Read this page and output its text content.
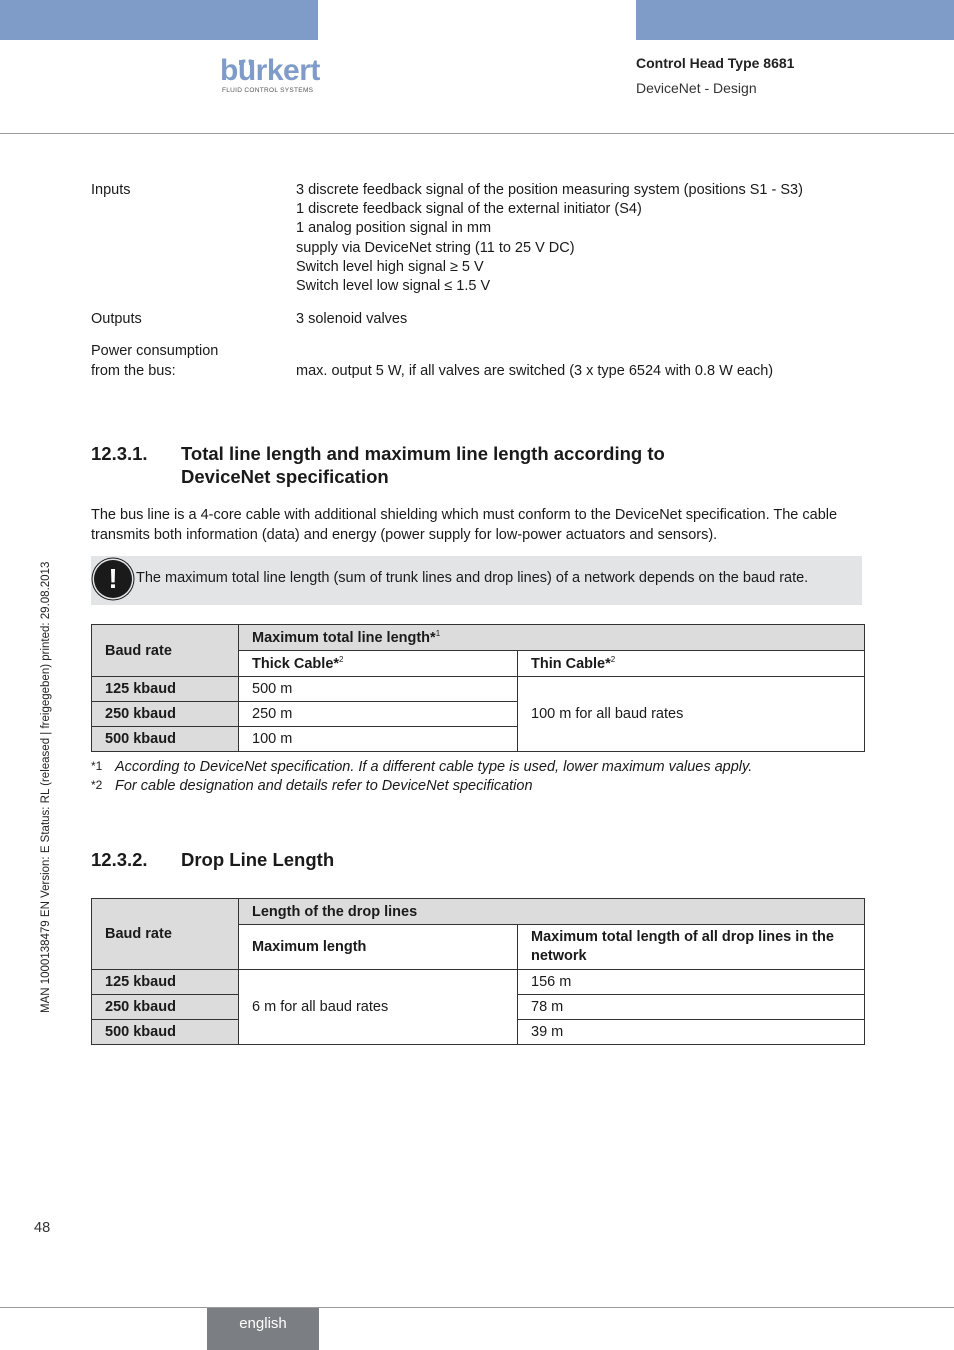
bürkert
FLUID CONTROL SYSTEMS
Control Head Type 8681
DeviceNet - Design
Inputs	3 discrete feedback signal of the position measuring system (positions S1 - S3)
1 discrete feedback signal of the external initiator (S4)
1 analog position signal in mm
supply via DeviceNet string (11 to 25 V DC)
Switch level high signal ≥ 5 V
Switch level low signal ≤ 1.5 V
Outputs	3 solenoid valves
Power consumption
from the bus:	max. output 5 W, if all valves are switched (3 x type 6524 with 0.8 W each)
12.3.1. Total line length and maximum line length according to
DeviceNet specification
The bus line is a 4-core cable with additional shielding which must conform to the DeviceNet specification. The cable transmits both information (data) and energy (power supply for low-power actuators and sensors).
!	The maximum total line length (sum of trunk lines and drop lines) of a network depends on the baud rate.
Baud rate	Maximum total line length*$^1$
	Thick Cable*$^2$	Thin Cable*$^2$
125 kbaud	500 m	100 m for all baud rates
250 kbaud	250 m	
500 kbaud	100 m	
*1 According to DeviceNet specification. If a different cable type is used, lower maximum values apply.
*2 For cable designation and details refer to DeviceNet specification
12.3.2. Drop Line Length
Baud rate	Length of the drop lines	
	Maximum length	Maximum total length of all drop lines in the network
125 kbaud	6 m for all baud rates	156 m
250 kbaud		78 m
500 kbaud		39 m
MAN 1000138479 EN Version: E Status: RL (released | freigegeben) printed: 29.08.2013
48
english
